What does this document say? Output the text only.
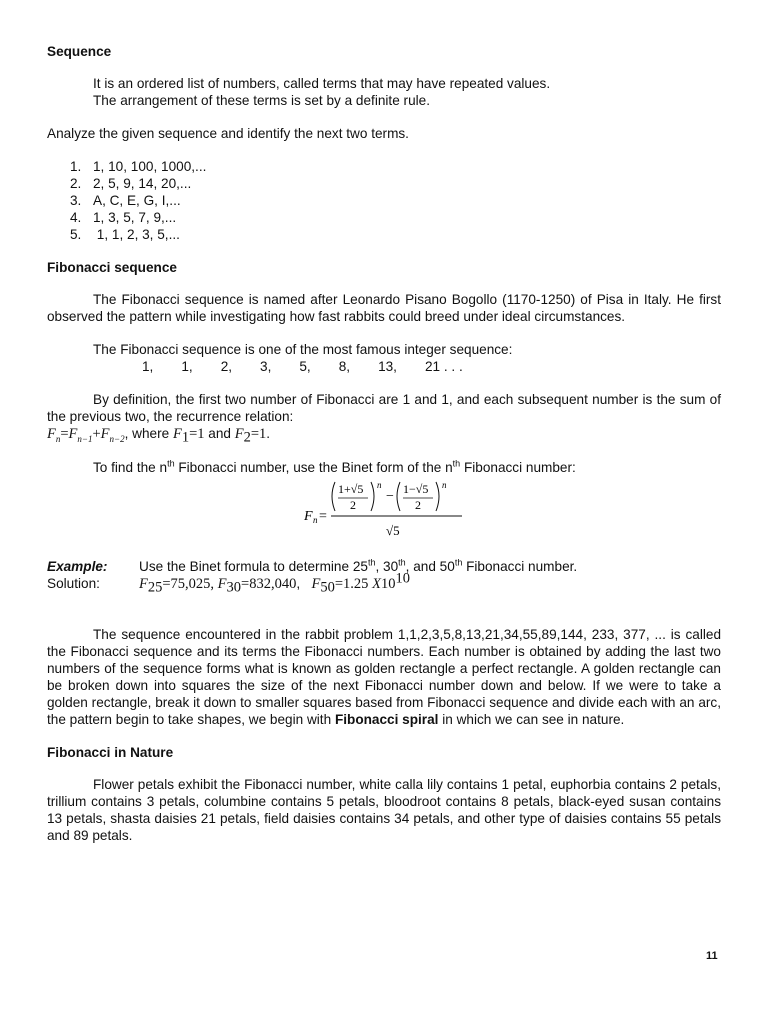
Sequence

It is an ordered list of numbers, called terms that may have repeated values.

The arrangement of these terms is set by a definite rule.

Analyze the given sequence and identify the next two terms.

1. 1, 10, 100, 1000,...
2. 2, 5, 9, 14, 20,...
3. A, C, E, G, I,...
4. 1, 3, 5, 7, 9,...
5. 1, 1, 2, 3, 5,...

Fibonacci sequence

The Fibonacci sequence is named after Leonardo Pisano Bogollo (1170-1250) of Pisa in Italy. He first observed the pattern while investigating how fast rabbits could breed under ideal circumstances.

The Fibonacci sequence is one of the most famous integer sequence:

1, 1, 2, 3, 5, 8, 13, 21 . . .

By definition, the first two number of Fibonacci are 1 and 1, and each subsequent number is the sum of the previous two, the recurrence relation:

$F_n=F_{n-1}+F_{n-2}$, where $F_1=1$ and $F_2=1$.

To find the $n^{th}$ Fibonacci number, use the Binet form of the $n^{th}$ Fibonacci number:

F n =
1+√5
2
n
− 1−√5
2
n
√5
Example:	Use the Binet formula to determine 25th, 30th, and 50th Fibonacci number.
Solution:	$F_{25}=75,025$, $F_{30}=832,040$,   $F_{50}=1.25$ $X10^{10}$

The sequence encountered in the rabbit problem 1,1,2,3,5,8,13,21,34,55,89,144, 233, 377, ... is called the Fibonacci sequence and its terms the Fibonacci numbers. Each number is obtained by adding the last two numbers of the sequence forms what is known as golden rectangle a perfect rectangle. A golden rectangle can be broken down into squares the size of the next Fibonacci number down and below. If we were to take a golden rectangle, break it down to smaller squares based from Fibonacci sequence and divide each with an arc, the pattern begin to take shapes, we begin with Fibonacci spiral in which we can see in nature.

Fibonacci in Nature

Flower petals exhibit the Fibonacci number, white calla lily contains 1 petal, euphorbia contains 2 petals, trillium contains 3 petals, columbine contains 5 petals, bloodroot contains 8 petals, black-eyed susan contains 13 petals, shasta daisies 21 petals, field daisies contains 34 petals, and other type of daisies contains 55 petals and 89 petals.

11
